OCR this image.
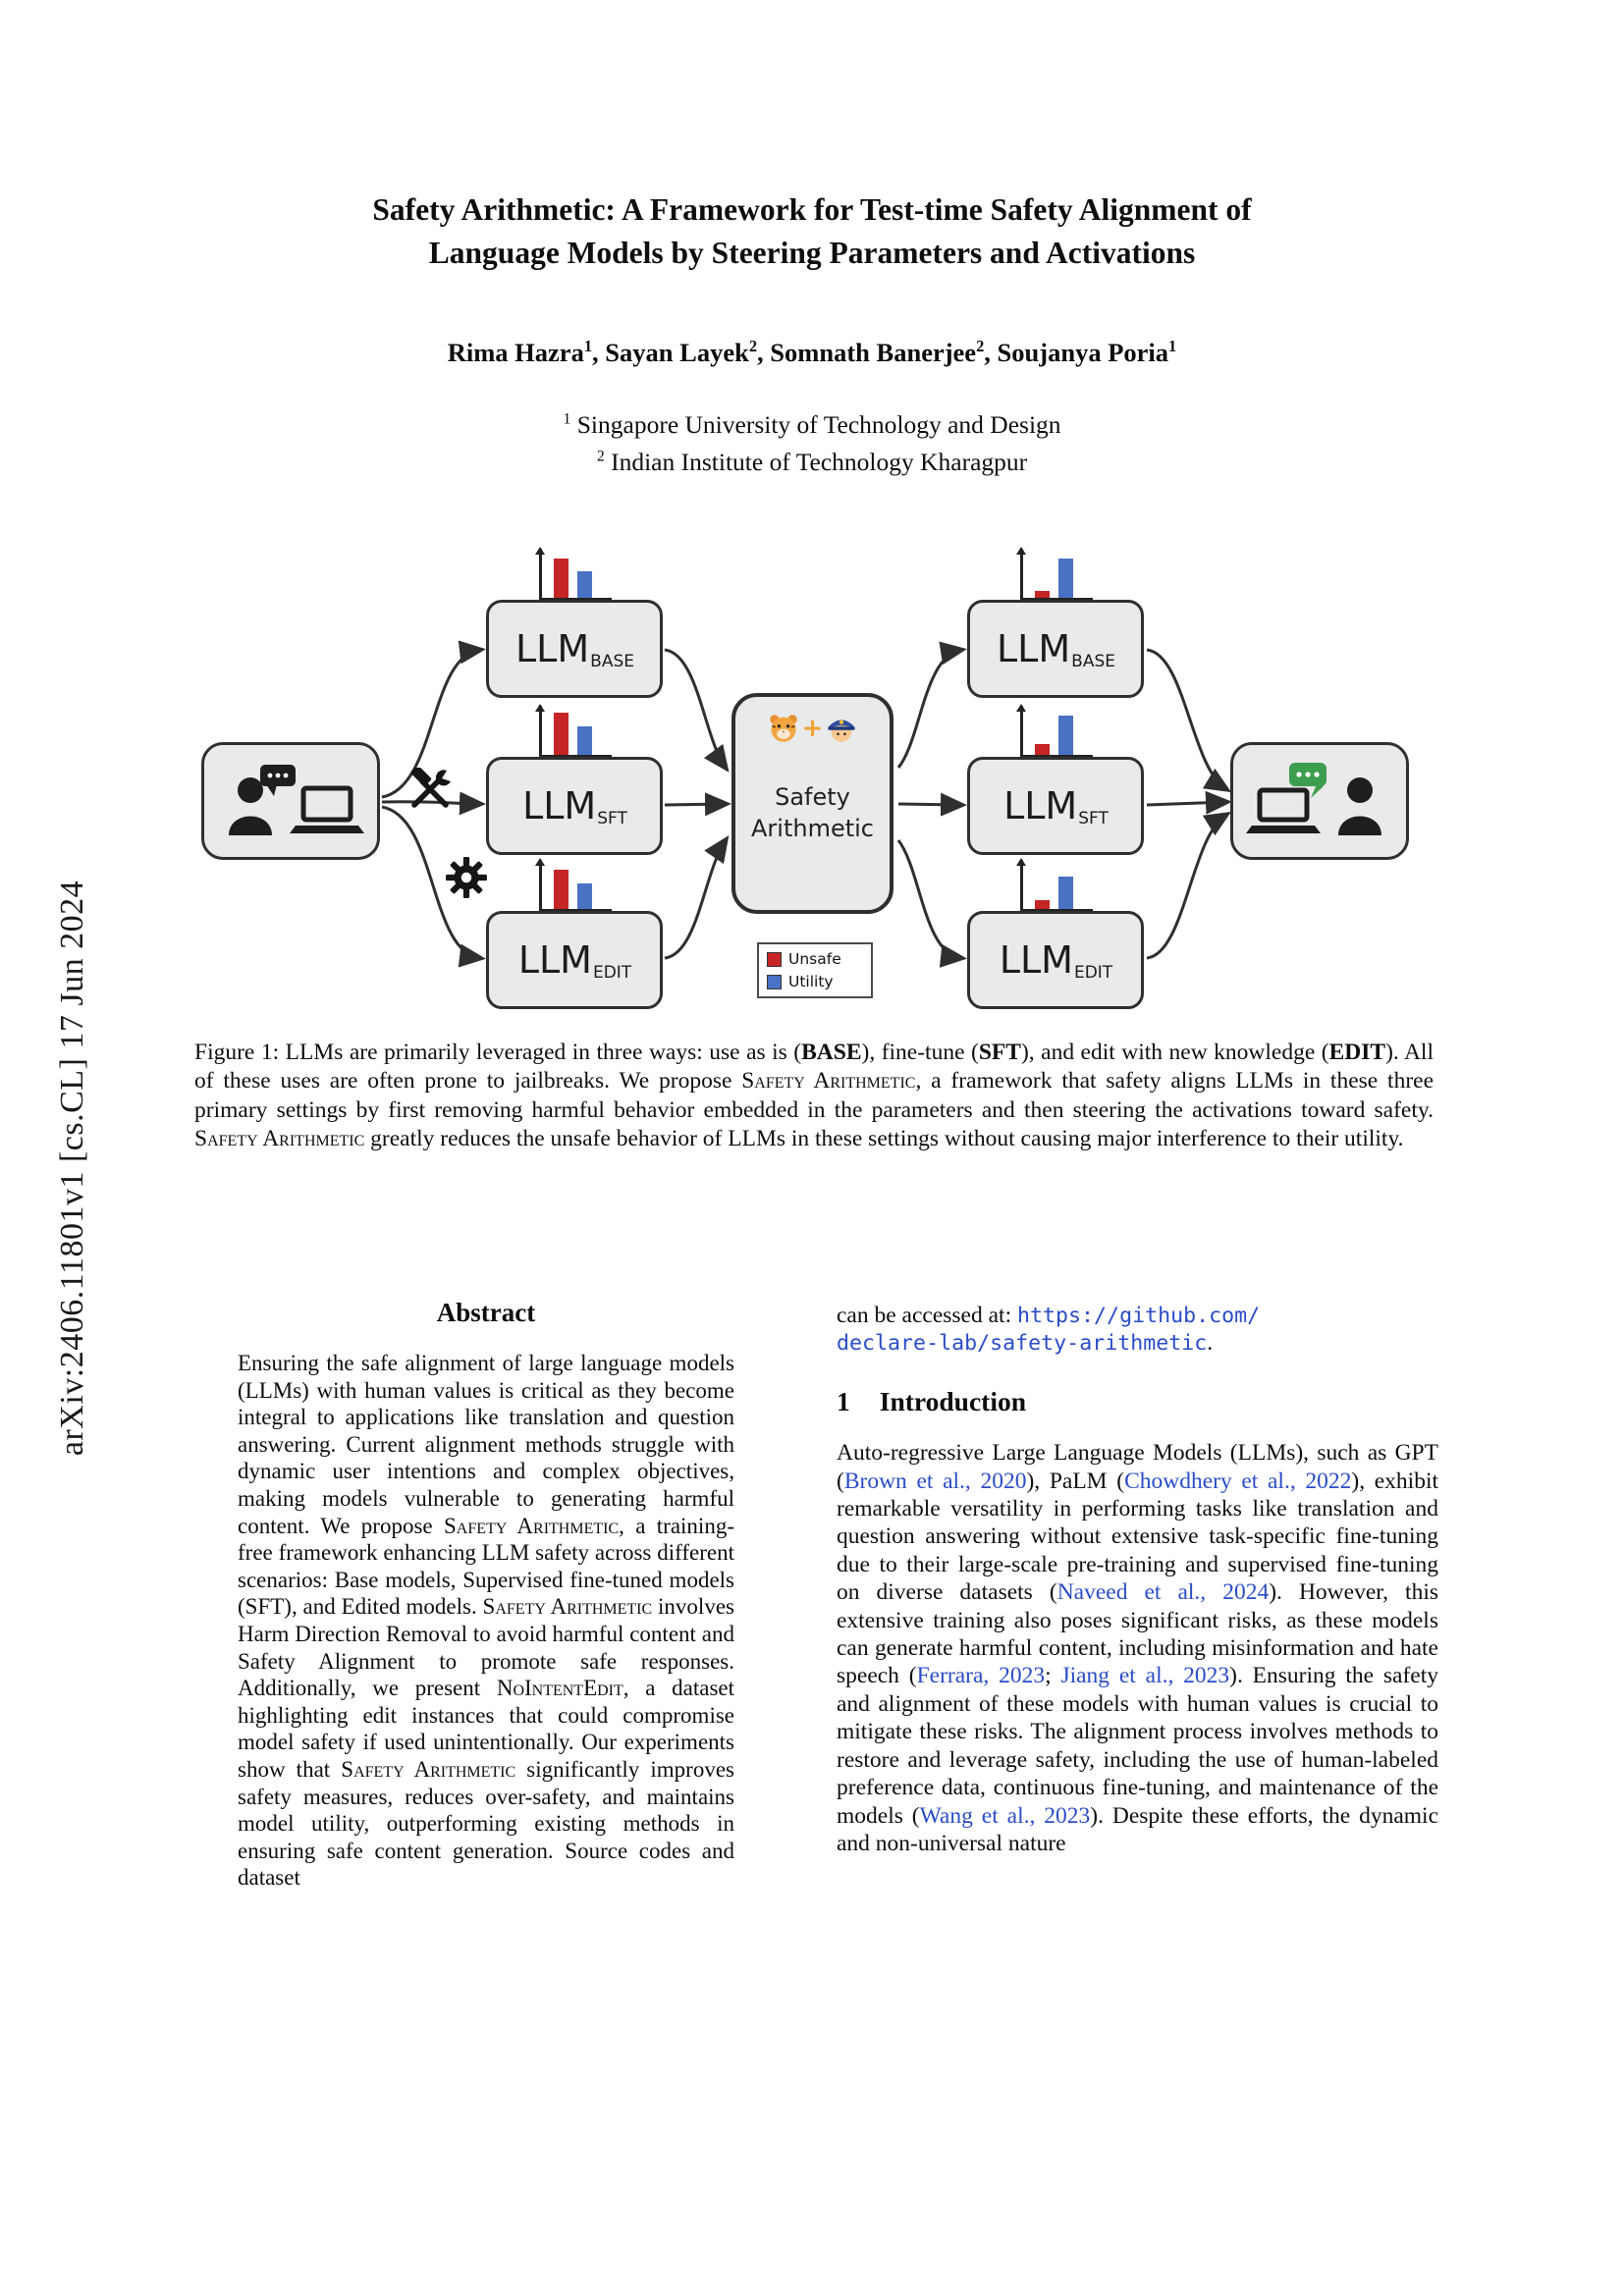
arXiv:2406.11801v1 [cs.CL] 17 Jun 2024
Safety Arithmetic: A Framework for Test-time Safety Alignment of
Language Models by Steering Parameters and Activations
Rima Hazra$^1$, Sayan Layek$^2$, Somnath Banerjee$^2$, Soujanya Poria$^1$
$^1$ Singapore University of Technology and Design
$^2$ Indian Institute of Technology Kharagpur
LLM BASE
LLM SFT
LLM EDIT
+
Safety
Arithmetic
Unsafe
Utility
LLM BASE
LLM SFT
LLM EDIT
Figure 1: LLMs are primarily leveraged in three ways: use as is (BASE), fine-tune (SFT), and edit with new knowledge (EDIT). All of these uses are often prone to jailbreaks. We propose Safety Arithmetic, a framework that safety aligns LLMs in these three primary settings by first removing harmful behavior embedded in the parameters and then steering the activations toward safety. Safety Arithmetic greatly reduces the unsafe behavior of LLMs in these settings without causing major interference to their utility.
Abstract
Ensuring the safe alignment of large language models (LLMs) with human values is critical as they become integral to applications like translation and question answering. Current alignment methods struggle with dynamic user intentions and complex objectives, making models vulnerable to generating harmful content. We propose Safety Arithmetic, a training-free framework enhancing LLM safety across different scenarios: Base models, Supervised fine-tuned models (SFT), and Edited models. Safety Arithmetic involves Harm Direction Removal to avoid harmful content and Safety Alignment to promote safe responses. Additionally, we present NoIntentEdit, a dataset highlighting edit instances that could compromise model safety if used unintentionally. Our experiments show that Safety Arithmetic significantly improves safety measures, reduces over-safety, and maintains model utility, outperforming existing methods in ensuring safe content generation. Source codes and dataset
can be accessed at: https://github.com/
declare-lab/safety-arithmetic.
1 Introduction
Auto-regressive Large Language Models (LLMs), such as GPT (Brown et al., 2020), PaLM (Chowdhery et al., 2022), exhibit remarkable versatility in performing tasks like translation and question answering without extensive task-specific fine-tuning due to their large-scale pre-training and supervised fine-tuning on diverse datasets (Naveed et al., 2024). However, this extensive training also poses significant risks, as these models can generate harmful content, including misinformation and hate speech (Ferrara, 2023; Jiang et al., 2023). Ensuring the safety and alignment of these models with human values is crucial to mitigate these risks. The alignment process involves methods to restore and leverage safety, including the use of human-labeled preference data, continuous fine-tuning, and maintenance of the models (Wang et al., 2023). Despite these efforts, the dynamic and non-universal nature
